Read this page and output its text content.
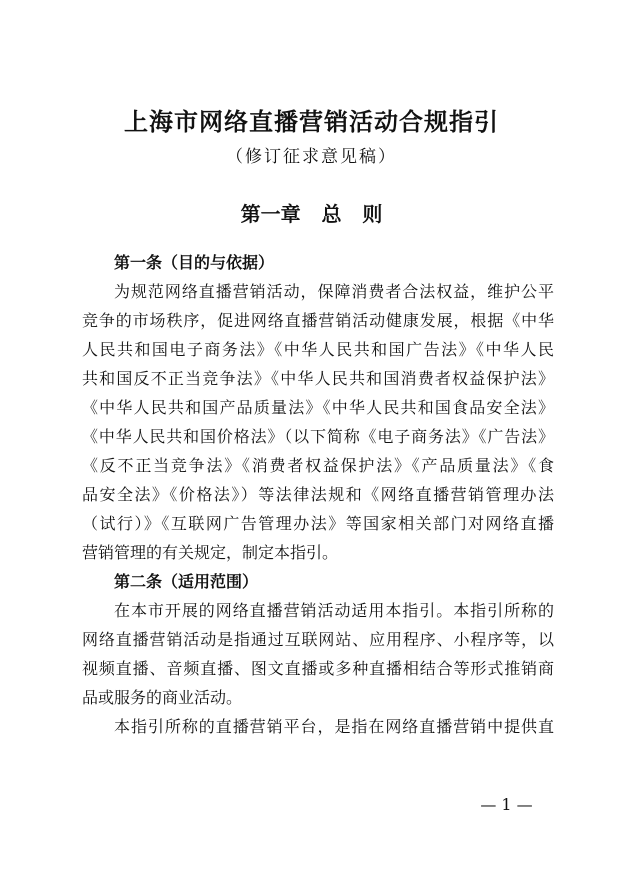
上海市网络直播营销活动合规指引
（修订征求意见稿）
第一章   总   则
第一条（目的与依据）
为规范网络直播营销活动，保障消费者合法权益，维护公平
竞争的市场秩序，促进网络直播营销活动健康发展，根据《中华
人民共和国电子商务法》《中华人民共和国广告法》《中华人民
共和国反不正当竞争法》《中华人民共和国消费者权益保护法》
《中华人民共和国产品质量法》《中华人民共和国食品安全法》
《中华人民共和国价格法》（以下简称《电子商务法》《广告法》
《反不正当竞争法》《消费者权益保护法》《产品质量法》《食
品安全法》《价格法》）等法律法规和《网络直播营销管理办法
（试行）》《互联网广告管理办法》等国家相关部门对网络直播
营销管理的有关规定，制定本指引。
第二条（适用范围）
在本市开展的网络直播营销活动适用本指引。本指引所称的
网络直播营销活动是指通过互联网站、应用程序、小程序等，以
视频直播、音频直播、图文直播或多种直播相结合等形式推销商
品或服务的商业活动。
本指引所称的直播营销平台，是指在网络直播营销中提供直
— 1 —
